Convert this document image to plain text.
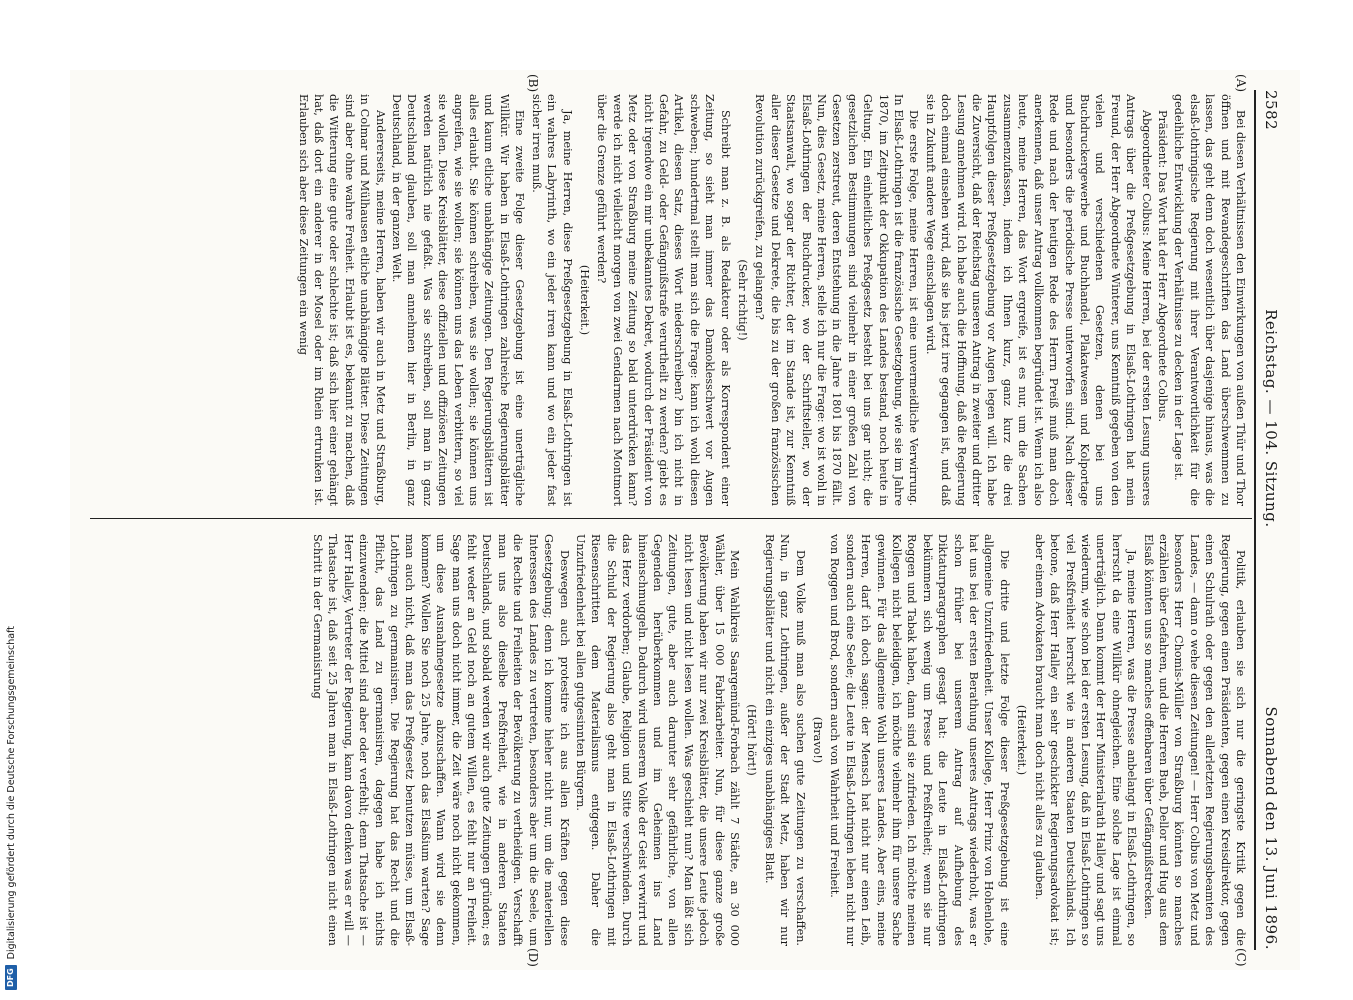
2582
Reichstag. — 104. Sitzung.
Sonnabend den 13. Juni 1896.
(A)
(B)
(C)
(D)

Bei diesen Verhältnissen den Einwirkungen von außen Thür und Thor öffnen und mit Revandegeschriften das Land überschwemmen zu lassen, das geht denn doch wesentlich über dasjenige hinaus, was die elsaß-lothringische Regierung mit ihrer Verantwortlichkeit für die gedeihliche Entwicklung der Verhältnisse zu decken in der Lage ist.

Präsident: Das Wort hat der Herr Abgeordnete Colbus.

Abgeordneter Colbus: Meine Herren, bei der ersten Lesung unseres Antrags über die Preßgesetzgebung in Elsaß-Lothringen hat mein Freund, der Herr Abgeordnete Winterer, uns Kenntniß gegeben von den vielen und verschiedenen Gesetzen, denen bei uns Buchdruckergewerbe und Buchhandel, Plakatwesen und Kolportage und besonders die periodische Presse unterworfen sind. Nach dieser Rede und nach der heutigen Rede des Herrn Preiß muß man doch anerkennen, daß unser Antrag vollkommen begründet ist. Wenn ich also heute, meine Herren, das Wort ergreife, ist es nur, um die Sachen zusammenzufassen, indem ich Ihnen kurz, ganz kurz die drei Hauptfolgen dieser Preßgesetzgebung vor Augen legen will. Ich habe die Zuversicht, daß der Reichstag unseren Antrag in zweiter und dritter Lesung annehmen wird. Ich habe auch die Hoffnung, daß die Regierung doch einmal einsehen wird, daß sie bis jetzt irre gegangen ist, und daß sie in Zukunft andere Wege einschlagen wird.

Die erste Folge, meine Herren, ist eine unvermeidliche Verwirrung. In Elsaß-Lothringen ist die französische Gesetzgebung, wie sie im Jahre 1870, im Zeitpunkt der Okkupation des Landes bestand, noch heute in Geltung. Ein einheitliches Preßgesetz besteht bei uns gar nicht; die gesetzlichen Bestimmungen sind vielmehr in einer großen Zahl von Gesetzen zerstreut, deren Entstehung in die Jahre 1801 bis 1870 fällt. Nun, dies Gesetz, meine Herren, stelle ich nur die Frage: wo ist wohl in Elsaß-Lothringen der Buchdrucker, wo der Schriftsteller, wo der Staatsanwalt, wo sogar der Richter, der im Stande ist, zur Kenntniß aller dieser Gesetze und Dekrete, die bis zu der großen französischen Revolution zurückgreifen, zu gelangen?

(Sehr richtig!)

Schreibt man z. B. als Redakteur oder als Korrespondent einer Zeitung, so sieht man immer das Damoklesschwert vor Augen schweben; hundertmal stellt man sich die Frage: kann ich wohl diesen Artikel, diesen Satz, dieses Wort niederschreiben? bin ich nicht in Gefahr, zu Geld- oder Gefängnißstrafe verurtheilt zu werden? giebt es nicht irgendwo ein mir unbekanntes Dekret, wodurch der Präsident von Metz oder von Straßburg meine Zeitung so bald unterdrücken kann? werde ich nicht vielleicht morgen von zwei Gendarmen nach Montmort über die Grenze geführt werden?

(Heiterkeit.)

Ja, meine Herren, diese Preßgesetzgebung in Elsaß-Lothringen ist ein wahres Labyrinth, wo ein jeder irren kann und wo ein jeder fast sicher irren muß.

Eine zweite Folge dieser Gesetzgebung ist eine unerträgliche Willkür. Wir haben in Elsaß-Lothringen zahlreiche Regierungsblätter und kaum etliche unabhängige Zeitungen. Den Regierungsblättern ist alles erlaubt. Sie können schreiben, was sie wollen; sie können uns angreifen, wie sie wollen; sie können uns das Leben verbittern, so viel sie wollen. Diese Kreisblätter, diese offiziellen und offiziösen Zeitungen werden natürlich nie gefaßt. Was sie schreiben, soll man in ganz Deutschland glauben, soll man annehmen hier in Berlin, in ganz Deutschland, in der ganzen Welt.

Andererseits, meine Herren, haben wir auch in Metz und Straßburg, in Colmar und Mülhausen etliche unabhängige Blätter. Diese Zeitungen sind aber ohne wahre Freiheit. Erlaubt ist es, bekannt zu machen, daß die Witterung eine gute oder schlechte ist; daß sich hier einer gehängt hat, daß dort ein anderer in der Mosel oder im Rhein ertrunken ist. Erlauben sich aber diese Zeitungen ein wenig

Politik, erlauben sie sich nur die geringste Kritik gegen die Regierung, gegen einen Präsidenten, gegen einen Kreisdirektor, gegen einen Schulrath oder gegen den allerletzten Regierungsbeamten des Landes, — dann o wehe diesen Zeitungen! — Herr Colbus von Metz und besonders Herr Chomis-Müller von Straßburg könnten so manches erzählen über Gefahren, und die Herren Bueb, Dellor und Hug aus dem Elsaß könnten uns so manches offenbaren über Gefängnißstrecken.

Ja, meine Herren, was die Presse anbelangt in Elsaß-Lothringen, so herrscht da eine Willkür ohnegleichen. Eine solche Lage ist einmal unerträglich. Dann kommt der Herr Ministerialrath Halley und sagt uns wiederum, wie schon bei der ersten Lesung, daß in Elsaß-Lothringen so viel Preßfreiheit herrscht wie in anderen Staaten Deutschlands. Ich betone, daß Herr Halley ein sehr geschickter Regierungsadvokat ist; aber einem Advokaten braucht man doch nicht alles zu glauben.

(Heiterkeit.)

Die dritte und letzte Folge dieser Preßgesetzgebung ist eine allgemeine Unzufriedenheit. Unser Kollege, Herr Prinz von Hohenlohe, hat uns bei der ersten Berathung unseres Antrags wiederholt, was er schon früher bei unserem Antrag auf Aufhebung des Diktaturparagraphen gesagt hat: die Leute in Elsaß-Lothringen bekümmern sich wenig um Presse und Preßfreiheit; wenn sie nur Roggen und Tabak haben, dann sind sie zufrieden. Ich möchte meinen Kollegen nicht beleidigen, ich möchte vielmehr ihm für unsere Sache gewinnen. Für das allgemeine Wohl unseres Landes. Aber eins, meine Herren, darf ich doch sagen: der Mensch hat nicht nur einen Leib, sondern auch eine Seele; die Leute in Elsaß-Lothringen leben nicht nur von Roggen und Brod, sondern auch von Wahrheit und Freiheit.

(Bravo!)

Dem Volke muß man also suchen gute Zeitungen zu verschaffen. Nun, in ganz Lothringen, außer der Stadt Metz, haben wir nur Regierungsblätter und nicht ein einziges unabhängiges Blatt.

(Hört! hört!)

Mein Wahlkreis Saargemünd-Forbach zählt 7 Städte, an 30 000 Wähler, über 15 000 Fabrikarbeiter. Nun, für diese ganze große Bevölkerung haben wir nur zwei Kreisblätter, die unsere Leute jedoch nicht lesen und nicht lesen wollen. Was geschieht nun? Man läßt sich Zeitungen, gute, aber auch darunter sehr gefährliche, von allen Gegenden herüberkommen und im Geheimen ins Land hineinschmuggeln. Dadurch wird unserem Volke der Geist verwirrt und das Herz verdorben; Glaube, Religion und Sitte verschwinden. Durch die Schuld der Regierung also geht man in Elsaß-Lothringen mit Riesenschritten dem Materialismus entgegen. Daher die Unzufriedenheit bei allen gutgesinnten Bürgern.

Deswegen auch protestire ich aus allen Kräften gegen diese Gesetzgebung; denn ich komme hieher nicht nur, um die materiellen Interessen des Landes zu vertreten, besonders aber um die Seele, um die Rechte und Freiheiten der Bevölkerung zu vertheidigen. Verschafft man uns also dieselbe Preßfreiheit, wie in anderen Staaten Deutschlands, und sobald werden wir auch gute Zeitungen gründen; es fehlt weder an Geld noch an gutem Willen, es fehlt nur an Freiheit. Sage man uns doch nicht immer, die Zeit wäre noch nicht gekommen, um diese Ausnahmegesetze abzuschaffen. Wann wird sie denn kommen? Wollen Sie noch 25 Jahre, noch das Elsaßium warten? Sage man auch nicht, daß man das Preßgesetz benutzen müsse, um Elsaß-Lothringen zu germanisiren. Die Regierung hat das Recht und die Pflicht, das Land zu germanisiren, dagegen habe ich nichts einzuwenden; die Mittel sind aber oder verfehlt; denn Thatsache ist — Herr Halley, Vertreter der Regierung, kann davon denken was er will — Thatsache ist, daß seit 25 Jahren man in Elsaß-Lothringen nicht einen Schritt in der Germanisirung

DFG
Digitalisierung gefördert durch die Deutsche Forschungsgemeinschaft
